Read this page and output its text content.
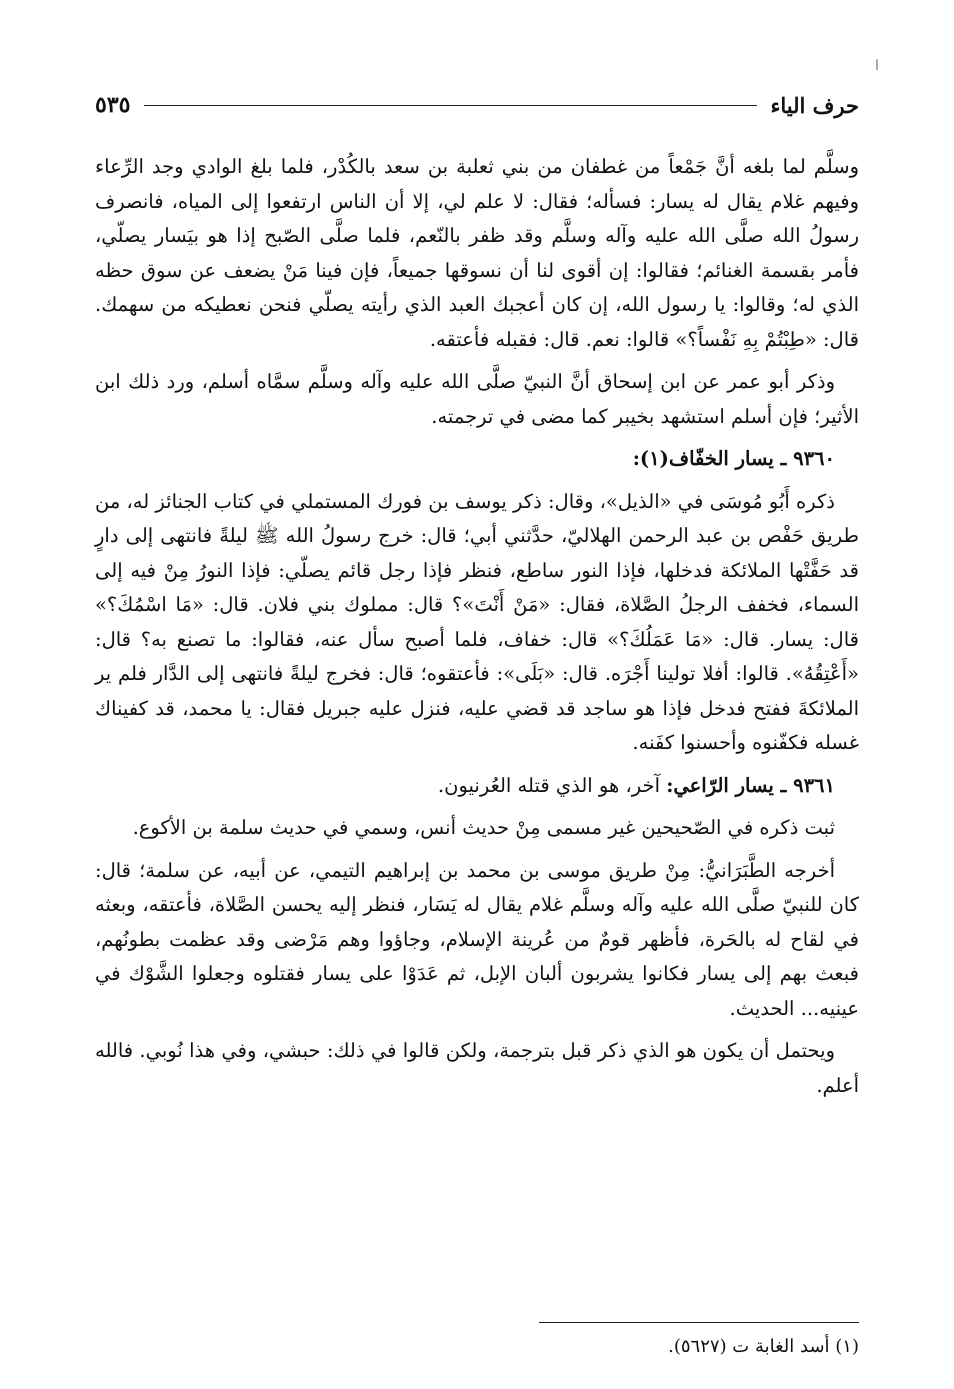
ا
حرف الياء
٥٣٥

وسلَّم لما بلغه أنَّ جَمْعاً من غطفان من بني ثعلبة بن سعد بالكُدْر، فلما بلغ الوادي وجد الرِّعاء وفيهم غلام يقال له يسار: فسأله؛ فقال: لا علم لي، إلا أن الناس ارتفعوا إلى المياه، فانصرف رسولُ الله صلَّى الله عليه وآله وسلَّم وقد ظفر بالنّعم، فلما صلَّى الصّبح إذا هو بيَسار يصلّي، فأمر بقسمة الغنائم؛ فقالوا: إن أقوى لنا أن نسوقها جميعاً، فإن فينا مَنْ يضعف عن سوق حظه الذي له؛ وقالوا: يا رسول الله، إن كان أعجبك العبد الذي رأيته يصلّي فنحن نعطيكه من سهمك. قال: «طِبْتُمْ بِهِ نَفْساً؟» قالوا: نعم. قال: فقبله فأعتقه.

وذكر أبو عمر عن ابن إسحاق أنَّ النبيّ صلَّى الله عليه وآله وسلَّم سمَّاه أسلم، ورد ذلك ابن الأثير؛ فإن أسلم استشهد بخيبر كما مضى في ترجمته.

٩٣٦٠ ـ يسار الخفّاف(١):

ذكره أَبُو مُوسَى في «الذيل»، وقال: ذكر يوسف بن فورك المستملي في كتاب الجنائز له، من طريق حَفْص بن عبد الرحمن الهلاليّ، حدَّثني أبي؛ قال: خرج رسولُ الله ﷺ ليلةً فانتهى إلى دارٍ قد حَفَّتْها الملائكة فدخلها، فإذا النور ساطع، فنظر فإذا رجل قائم يصلّي: فإذا النورُ مِنْ فيه إلى السماء، فخفف الرجلُ الصَّلاة، فقال: «مَنْ أَنْتَ»؟ قال: مملوك بني فلان. قال: «مَا اسْمُكَ؟» قال: يسار. قال: «مَا عَمَلُكَ؟» قال: خفاف، فلما أصبح سأل عنه، فقالوا: ما تصنع به؟ قال: «أَعْتِقُهُ». قالوا: أفلا تولينا أَجْرَه. قال: «بَلَى»: فأعتقوه؛ قال: فخرج ليلةً فانتهى إلى الدَّار فلم ير الملائكةَ ففتح فدخل فإذا هو ساجد قد قضي عليه، فنزل عليه جبريل فقال: يا محمد، قد كفيناك غسله فكفّنوه وأحسنوا كفَنه.

٩٣٦١ ـ يسار الرّاعي: آخر، هو الذي قتله العُرنيون.

ثبت ذكره في الصّحيحين غير مسمى مِنْ حديث أنس، وسمي في حديث سلمة بن الأكوع.

أخرجه الطَّبَرَانيُّ: مِنْ طريق موسى بن محمد بن إبراهيم التيمي، عن أبيه، عن سلمة؛ قال: كان للنبيّ صلَّى الله عليه وآله وسلَّم غلام يقال له يَسَار، فنظر إليه يحسن الصَّلاة، فأعتقه، وبعثه في لقاح له بالحَرة، فأظهر قومٌ من عُرينة الإسلام، وجاؤوا وهم مَرْضى وقد عظمت بطونُهم، فبعث بهم إلى يسار فكانوا يشربون ألبان الإبل، ثم عَدَوْا على يسار فقتلوه وجعلوا الشَّوْك في عينيه... الحديث.

ويحتمل أن يكون هو الذي ذكر قبل بترجمة، ولكن قالوا في ذلك: حبشي، وفي هذا نُوبي. فالله أعلم.

(١) أسد الغابة ت (٥٦٢٧).
